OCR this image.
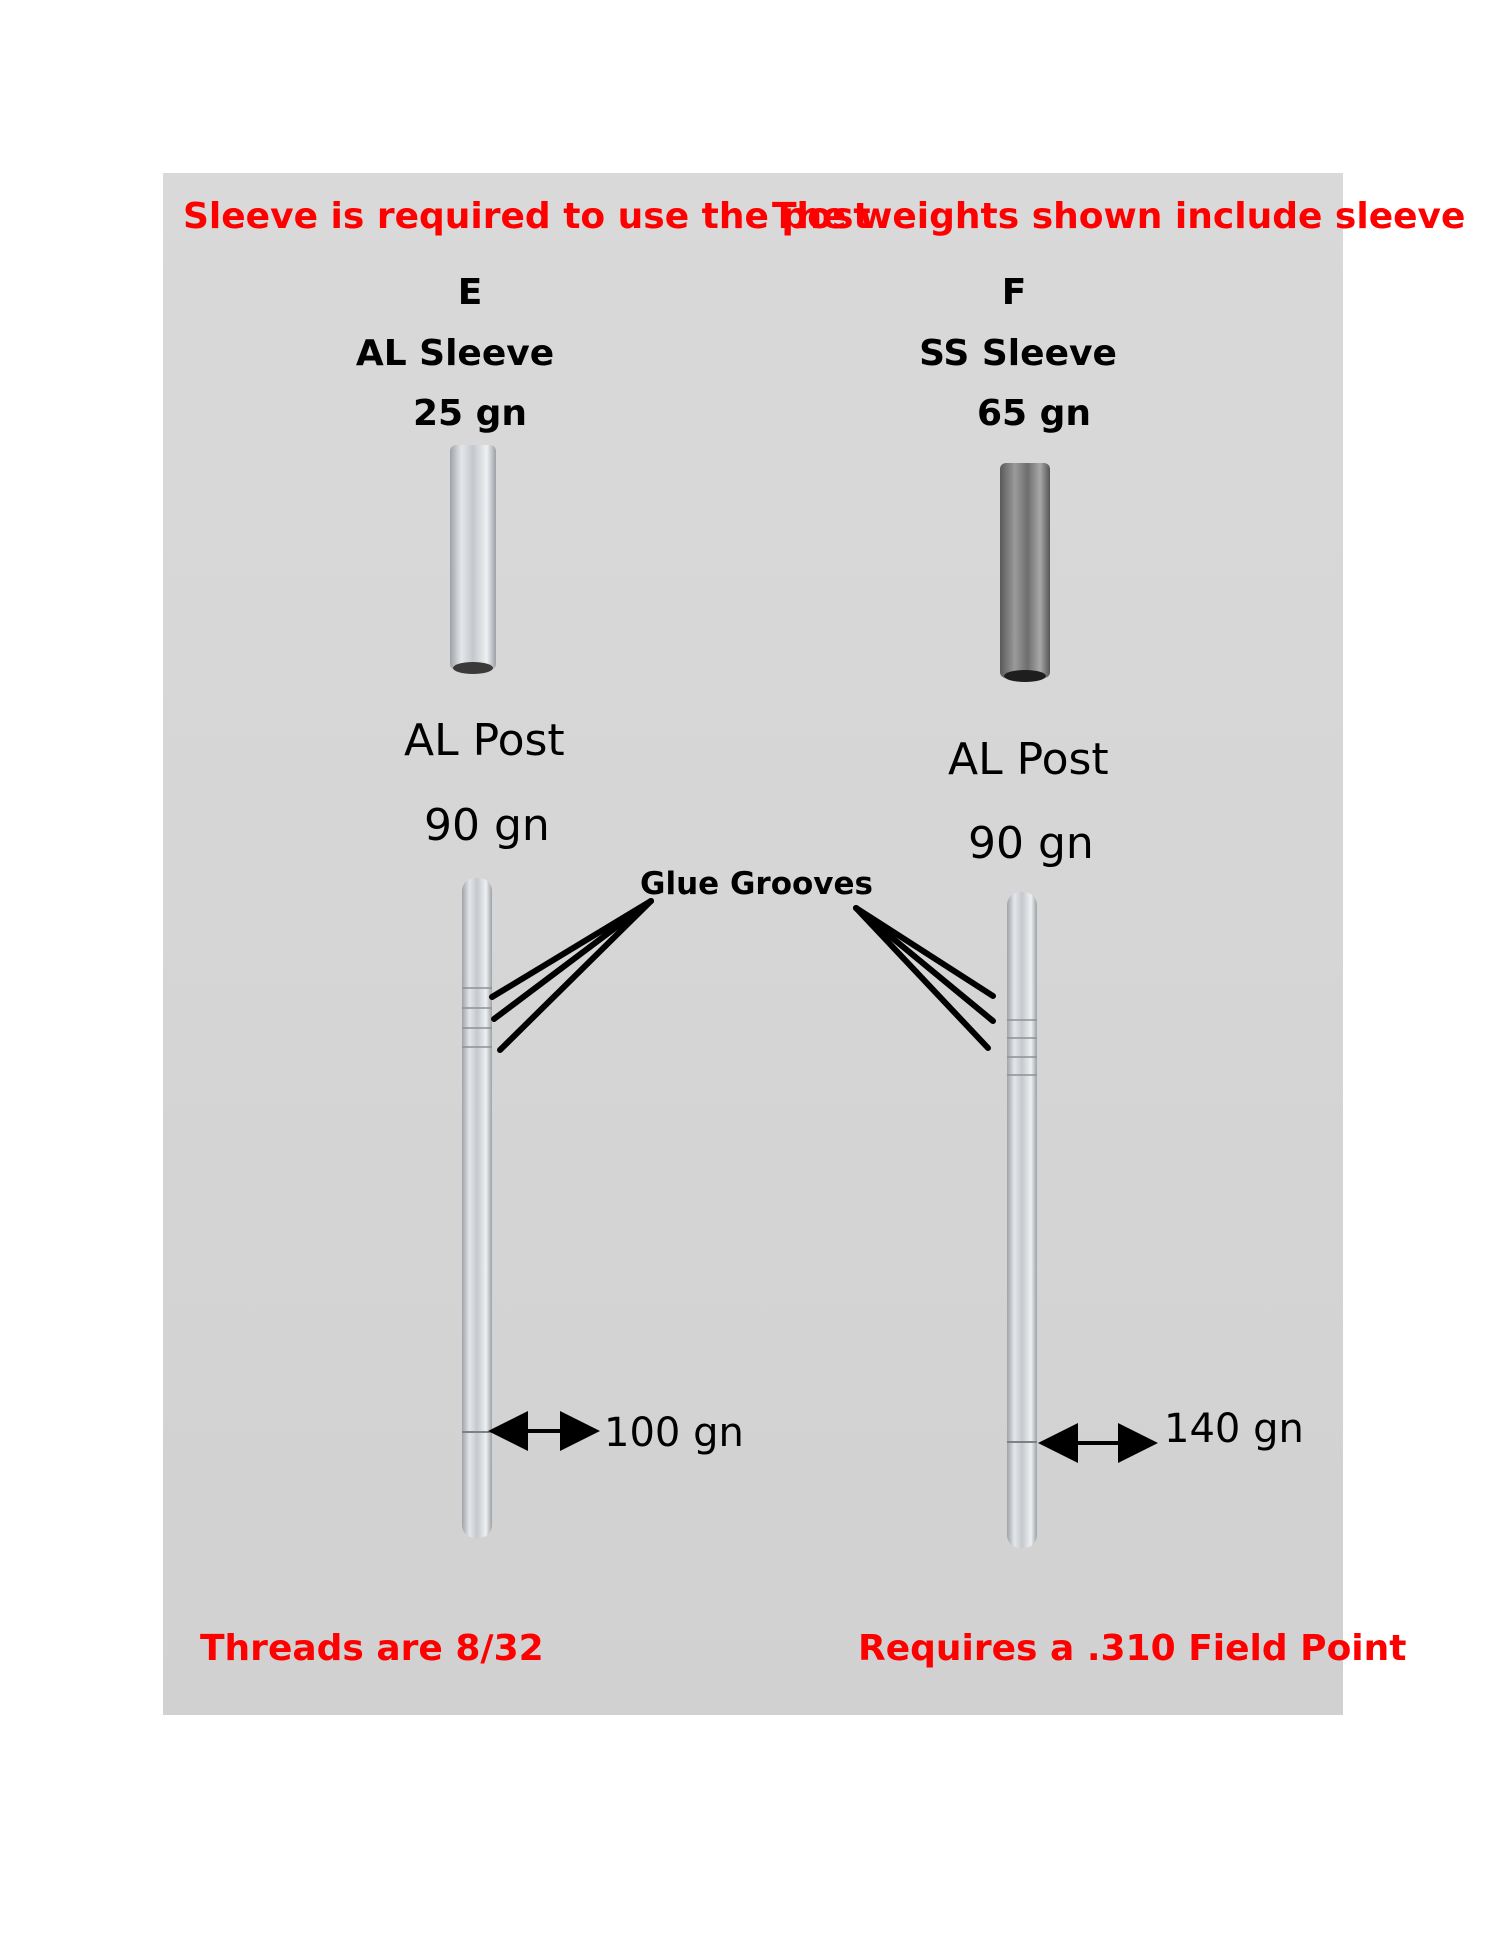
Sleeve is required to use the post
The weights shown include sleeve
Threads are 8/32	Requires a .310 Field Point
E
AL Sleeve
25 gn
AL Post
90 gn
100 gn
F
SS Sleeve
65 gn
AL Post
90 gn
140 gn
Glue Grooves
